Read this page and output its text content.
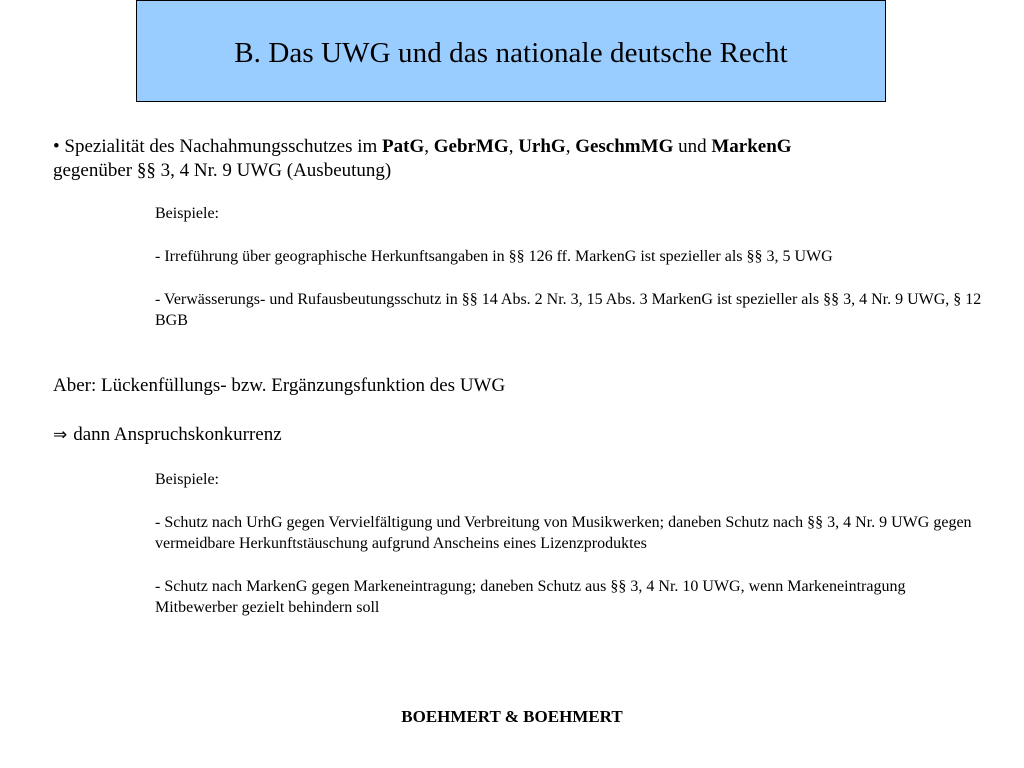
B. Das UWG und das nationale deutsche Recht
• Spezialität des Nachahmungsschutzes im PatG, GebrMG, UrhG, GeschmMG und MarkenG
gegenüber §§ 3, 4 Nr. 9 UWG (Ausbeutung)

Beispiele:

- Irreführung über geographische Herkunftsangaben in §§ 126 ff. MarkenG ist spezieller als §§ 3, 5 UWG

- Verwässerungs- und Rufausbeutungsschutz in §§ 14 Abs. 2 Nr. 3, 15 Abs. 3 MarkenG ist spezieller als §§ 3, 4 Nr. 9 UWG, § 12 BGB

Aber: Lückenfüllungs- bzw. Ergänzungsfunktion des UWG
⇒ dann Anspruchskonkurrenz

Beispiele:

- Schutz nach UrhG gegen Vervielfältigung und Verbreitung von Musikwerken; daneben Schutz nach §§ 3, 4 Nr. 9 UWG gegen vermeidbare Herkunftstäuschung aufgrund Anscheins eines Lizenzproduktes

- Schutz nach MarkenG gegen Markeneintragung; daneben Schutz aus §§ 3, 4 Nr. 10 UWG, wenn Markeneintragung Mitbewerber gezielt behindern soll

BOEHMERT & BOEHMERT
